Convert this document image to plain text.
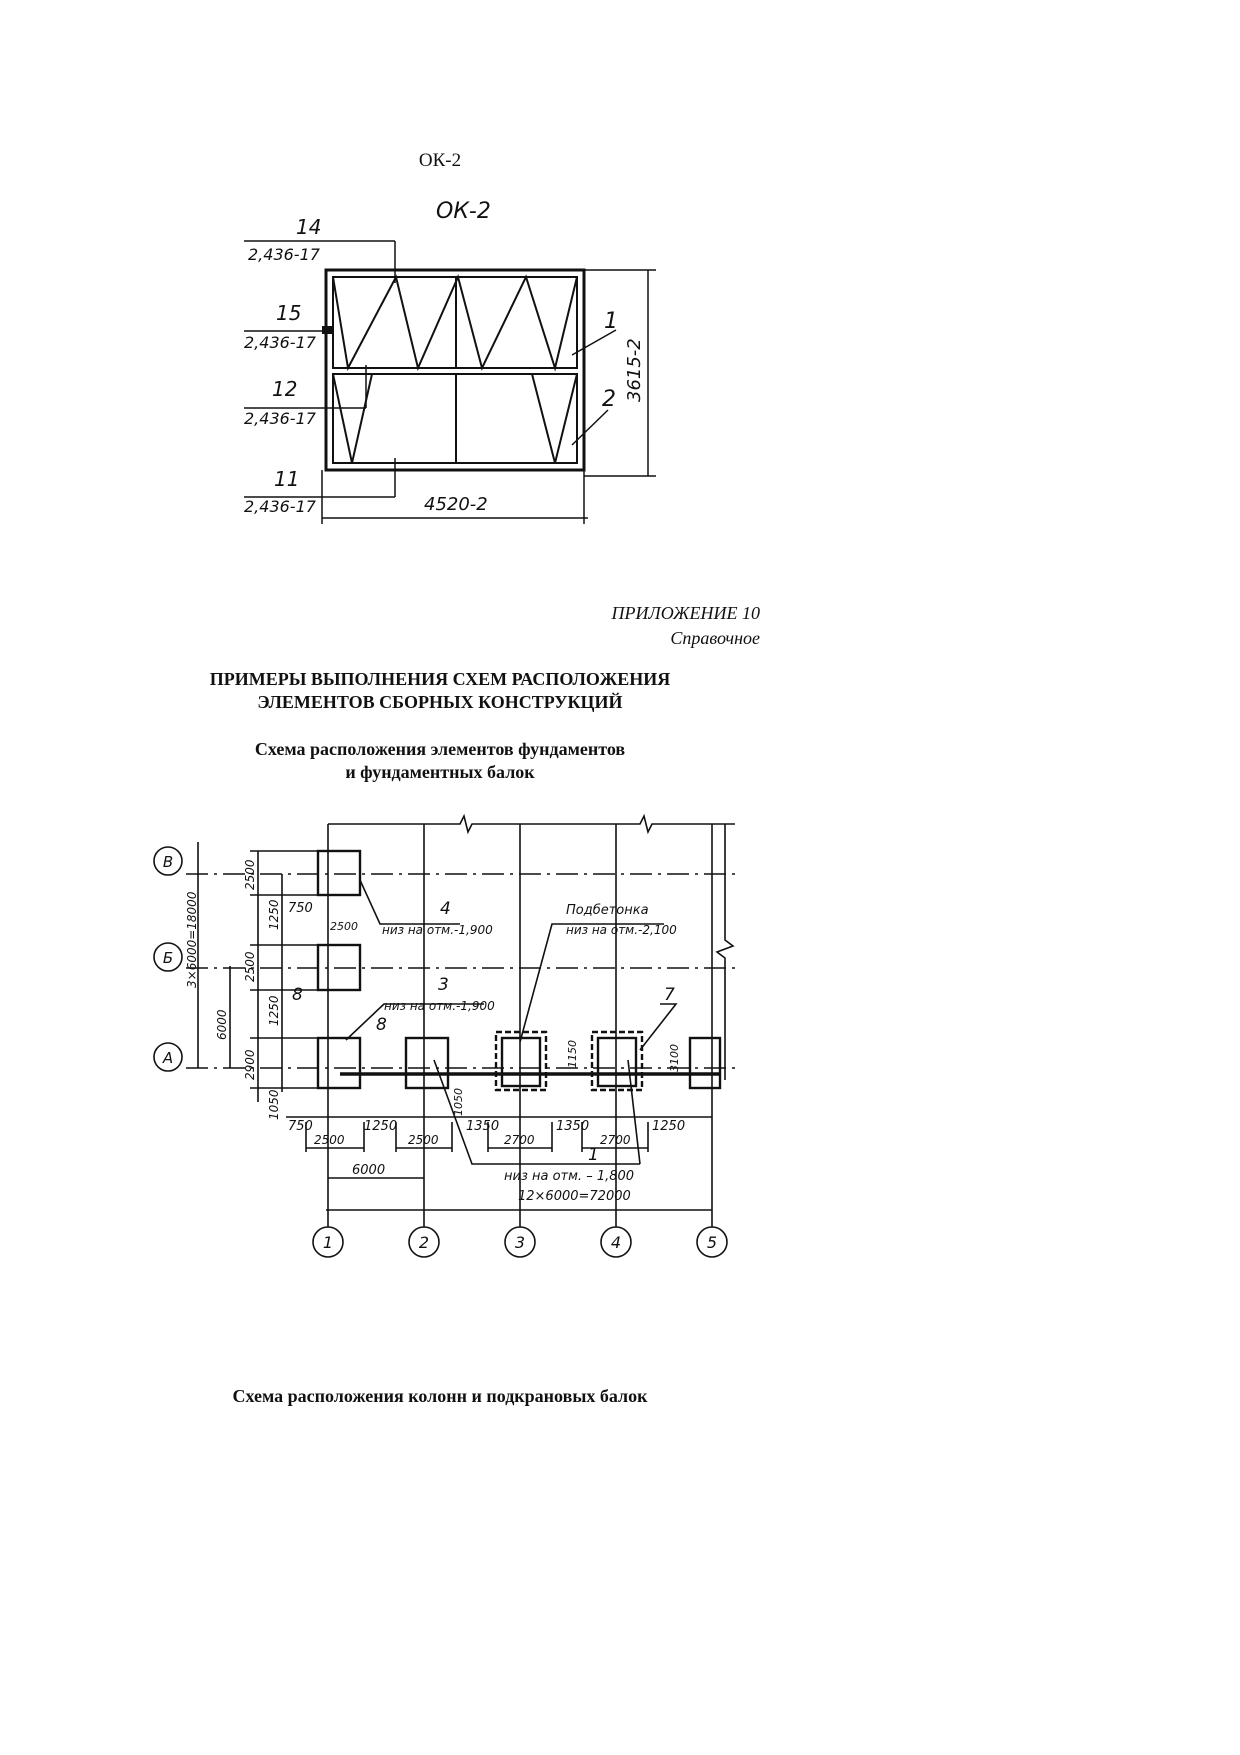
ОК-2
ОК-2
14
2,436-17
15
2,436-17
12
2,436-17
11
2,436-17	4520-2
3615-2
1
2
ПРИЛОЖЕНИЕ 10
Справочное
ПРИМЕРЫ ВЫПОЛНЕНИЯ СХЕМ РАСПОЛОЖЕНИЯ
ЭЛЕМЕНТОВ СБОРНЫХ КОНСТРУКЦИЙ
Схема расположения элементов фундаментов
и фундаментных балок
В
Б
А
1	2	3	4	5
3×6000=18000
6000
2500
1250
2500
1250
2900
1050	1050
1150	3100
750
2500
750	1250	1350	1350	1250
2500	2500	2700	2700
6000
12×6000=72000
4
низ на отм.-1,900
Подбетонка
низ на отм.-2,100
3
низ на отм.-1,900
7
8
8
1
низ на отм. – 1,800
Схема расположения колонн и подкрановых балок
